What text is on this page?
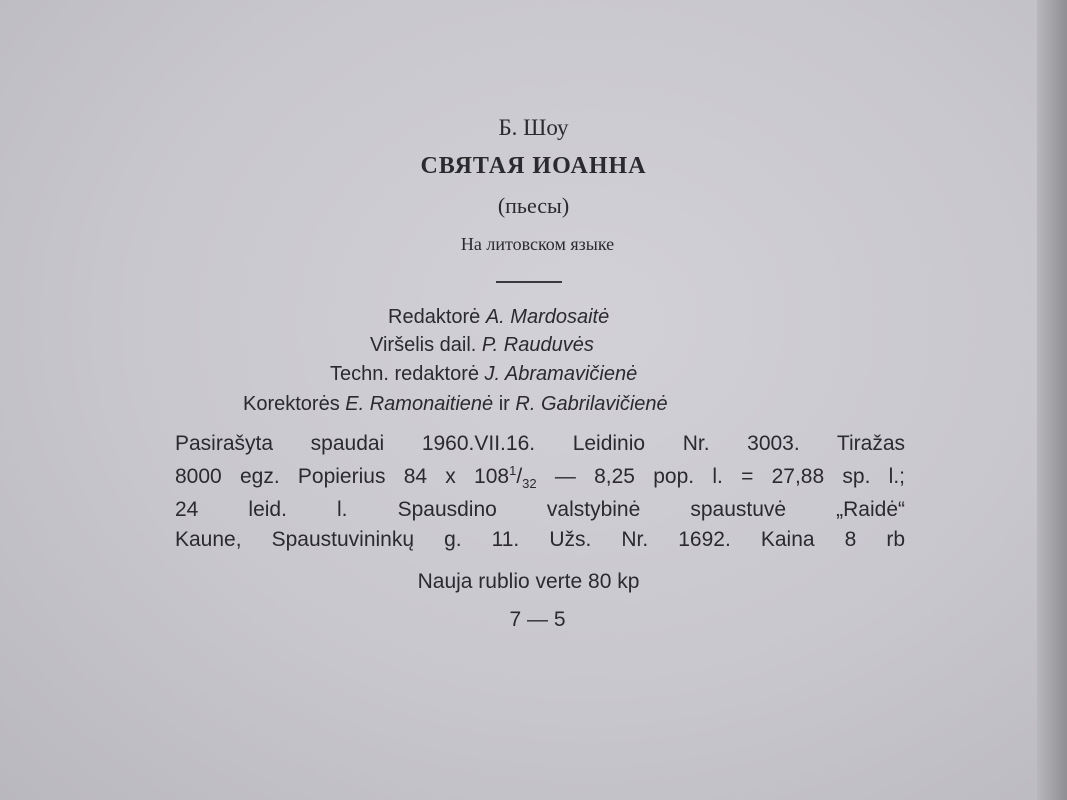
Б. Шоу
СВЯТАЯ ИОАННА
(пьесы)
На литовском языке
Redaktorė A. Mardosaitė
Viršelis dail. P. Rauduvės
Techn. redaktorė J. Abramavičienė
Korektorės E. Ramonaitienė ir R. Gabrilavičienė
Pasirašyta spaudai 1960.VII.16. Leidinio Nr. 3003. Tiražas
8000 egz. Popierius 84 x $108^1/_{32}$ — 8,25 pop. l. = 27,88 sp. l.;
24 leid. l. Spausdino valstybinė spaustuvė „Raidė“
Kaune, Spaustuvininkų g. 11. Užs. Nr. 1692. Kaina 8 rb
Nauja rublio verte 80 kp
7 — 5
